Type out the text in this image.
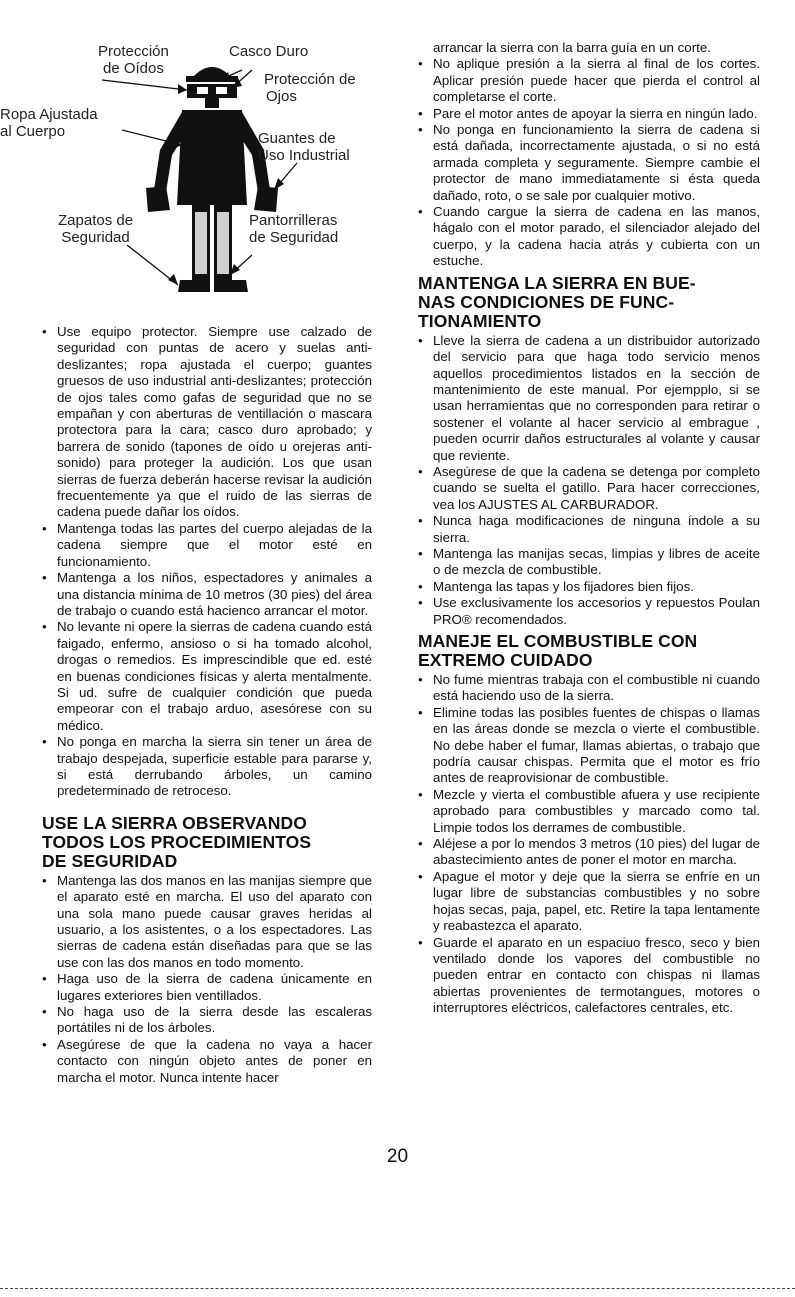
Protección
de Oídos
Casco Duro
Protección de
Ojos
Ropa Ajustada
al Cuerpo	Guantes de
Uso Industrial
Zapatos de
Seguridad
Pantorrilleras
de Seguridad
• Use equipo protector. Siempre use calzado de seguridad con puntas de acero y suelas anti-deslizantes; ropa ajustada el cuerpo; guantes gruesos de uso industrial anti-deslizantes; protección de ojos tales como gafas de seguridad que no se empañan y con aberturas de ventillación o mascara protectora para la cara; casco duro aprobado; y barrera de sonido (tapones de oído u orejeras anti-sonido) para proteger la audición. Los que usan sierras de fuerza deberán hacerse revisar la audición frecuentemente ya que el ruido de las sierras de cadena puede dañar los oídos.
• Mantenga todas las partes del cuerpo alejadas de la cadena siempre que el motor esté en funcionamiento.
• Mantenga a los niños, espectadores y animales a una distancia mínima de 10 metros (30 pies) del área de trabajo o cuando está hacienco arrancar el motor.
• No levante ni opere la sierras de cadena cuando está faigado, enfermo, ansioso o si ha tomado alcohol, drogas o remedios. Es imprescindible que ed. esté en buenas condiciones físicas y alerta mentalmente. Si ud. sufre de cualquier condición que pueda empeorar con el trabajo arduo, asesórese con su médico.
• No ponga en marcha la sierra sin tener un área de trabajo despejada, superficie estable para pararse y, si está derrubando árboles, un camino predeterminado de retroceso.
USE LA SIERRA OBSERVANDO
TODOS LOS PROCEDIMIENTOS
DE SEGURIDAD
• Mantenga las dos manos en las manijas siempre que el aparato esté en marcha. El uso del aparato con una sola mano puede causar graves heridas al usuario, a los asistentes, o a los espectadores. Las sierras de cadena están diseñadas para que se las use con las dos manos en todo momento.
• Haga uso de la sierra de cadena únicamente en lugares exteriores bien ventillados.
• No haga uso de la sierra desde las escaleras portátiles ni de los árboles.
• Asegúrese de que la cadena no vaya a hacer contacto con ningún objeto antes de poner en marcha el motor. Nunca intente hacer

arrancar la sierra con la barra guía en un corte.

• No aplique presión a la sierra al final de los cortes. Aplicar presión puede hacer que pierda el control al completarse el corte.
• Pare el motor antes de apoyar la sierra en ningún lado.
• No ponga en funcionamiento la sierra de cadena si está dañada, incorrectamente ajustada, o si no está armada completa y seguramente. Siempre cambie el protector de mano immediatamente si ésta queda dañado, roto, o se sale por cualquier motivo.
• Cuando cargue la sierra de cadena en las manos, hágalo con el motor parado, el silenciador alejado del cuerpo, y la cadena hacia atrás y cubierta con un estuche.
MANTENGA LA SIERRA EN BUE-
NAS CONDICIONES DE FUNC-
TIONAMIENTO
• Lleve la sierra de cadena a un distribuidor autorizado del servicio para que haga todo servicio menos aquellos procedimientos listados en la sección de mantenimiento de este manual. Por ejempplo, si se usan herramientas que no corresponden para retirar o sostener el volante al hacer servicio al embrague , pueden ocurrir daños estructurales al volante y causar que reviente.
• Asegúrese de que la cadena se detenga por completo cuando se suelta el gatillo. Para hacer correcciones, vea los AJUSTES AL CARBURADOR.
• Nunca haga modificaciones de ninguna índole a su sierra.
• Mantenga las manijas secas, limpias y libres de aceite o de mezcla de combustible.
• Mantenga las tapas y los fijadores bien fijos.
• Use exclusivamente los accesorios y repuestos Poulan PRO® recomendados.
MANEJE EL COMBUSTIBLE CON
EXTREMO CUIDADO
• No fume mientras trabaja con el combustible ni cuando está haciendo uso de la sierra.
• Elimine todas las posibles fuentes de chispas o llamas en las áreas donde se mezcla o vierte el combustible. No debe haber el fumar, llamas abiertas, o trabajo que podría causar chispas. Permita que el motor es frío antes de reaprovisionar de combustible.
• Mezcle y vierta el combustible afuera y use recipiente aprobado para combustibles y marcado como tal. Limpie todos los derrames de combustible.
• Aléjese a por lo mendos 3 metros (10 pies) del lugar de abastecimiento antes de poner el motor en marcha.
• Apague el motor y deje que la sierra se enfríe en un lugar libre de substancias combustibles y no sobre hojas secas, paja, papel, etc. Retire la tapa lentamente y reabastezca el aparato.
• Guarde el aparato en un espaciuo fresco, seco y bien ventilado donde los vapores del combustible no pueden entrar en contacto con chispas ni llamas abiertas provenientes de termotangues, motores o interruptores eléctricos, calefactores centrales, etc.
20
